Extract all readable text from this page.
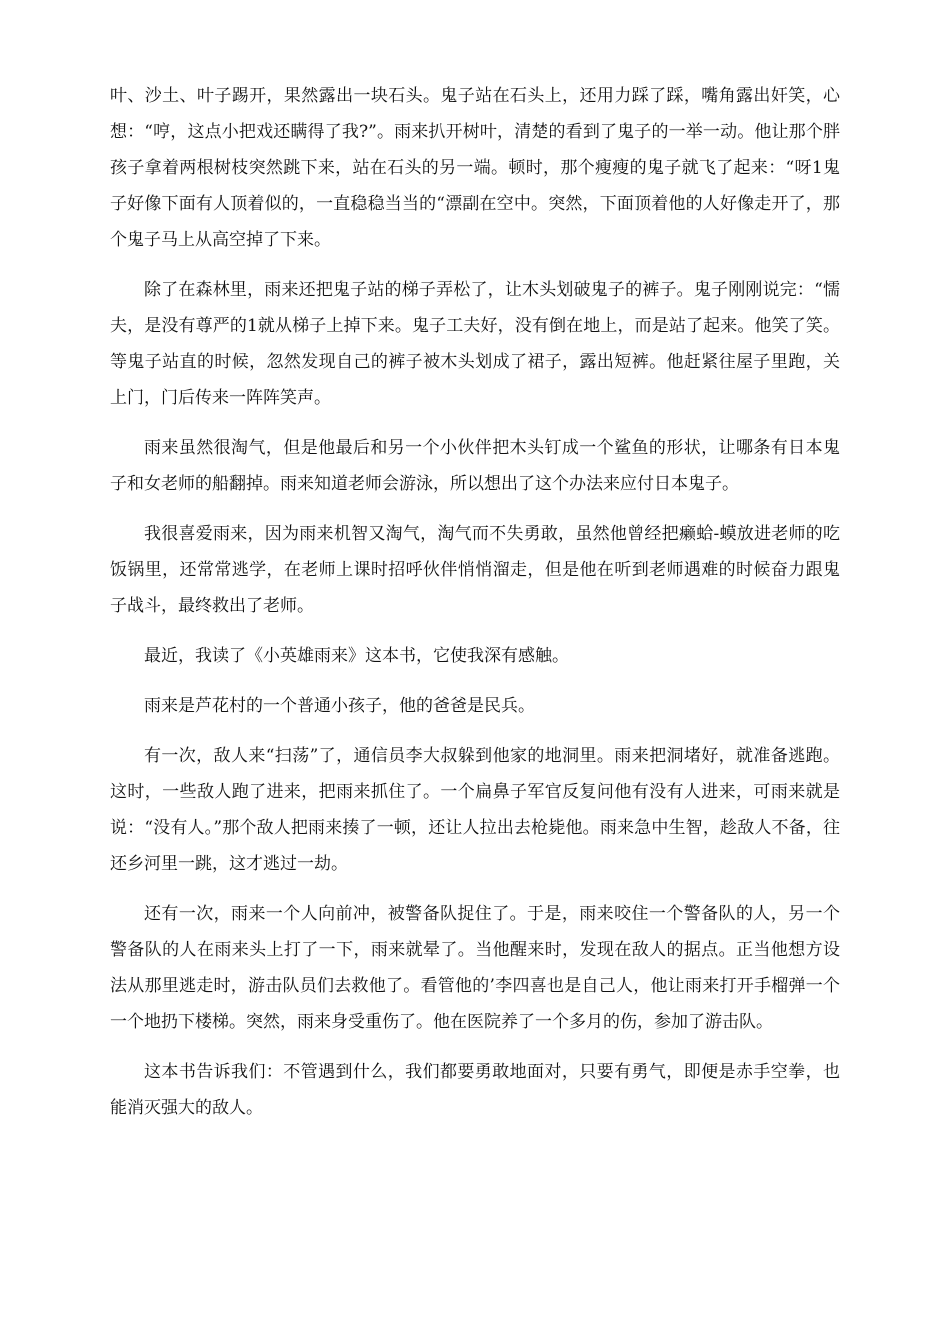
叶、沙土、叶子踢开，果然露出一块石头。鬼子站在石头上，还用力踩了踩，嘴角露出奸笑，心想：“哼，这点小把戏还瞒得了我?”。雨来扒开树叶，清楚的看到了鬼子的一举一动。他让那个胖孩子拿着两根树枝突然跳下来，站在石头的另一端。顿时，那个瘦瘦的鬼子就飞了起来：“呀1鬼子好像下面有人顶着似的，一直稳稳当当的“漂副在空中。突然，下面顶着他的人好像走开了，那个鬼子马上从高空掉了下来。

除了在森林里，雨来还把鬼子站的梯子弄松了，让木头划破鬼子的裤子。鬼子刚刚说完：“懦夫，是没有尊严的1就从梯子上掉下来。鬼子工夫好，没有倒在地上，而是站了起来。他笑了笑。等鬼子站直的时候，忽然发现自己的裤子被木头划成了裙子，露出短裤。他赶紧往屋子里跑，关上门，门后传来一阵阵笑声。

雨来虽然很淘气，但是他最后和另一个小伙伴把木头钉成一个鲨鱼的形状，让哪条有日本鬼子和女老师的船翻掉。雨来知道老师会游泳，所以想出了这个办法来应付日本鬼子。

我很喜爱雨来，因为雨来机智又淘气，淘气而不失勇敢，虽然他曾经把癞蛤-蟆放进老师的吃饭锅里，还常常逃学，在老师上课时招呼伙伴悄悄溜走，但是他在听到老师遇难的时候奋力跟鬼子战斗，最终救出了老师。

最近，我读了《小英雄雨来》这本书，它使我深有感触。

雨来是芦花村的一个普通小孩子，他的爸爸是民兵。

有一次，敌人来“扫荡”了，通信员李大叔躲到他家的地洞里。雨来把洞堵好，就准备逃跑。这时，一些敌人跑了进来，把雨来抓住了。一个扁鼻子军官反复问他有没有人进来，可雨来就是说：“没有人。”那个敌人把雨来揍了一顿，还让人拉出去枪毙他。雨来急中生智，趁敌人不备，往还乡河里一跳，这才逃过一劫。

还有一次，雨来一个人向前冲，被警备队捉住了。于是，雨来咬住一个警备队的人，另一个警备队的人在雨来头上打了一下，雨来就晕了。当他醒来时，发现在敌人的据点。正当他想方设法从那里逃走时，游击队员们去救他了。看管他的’李四喜也是自己人，他让雨来打开手榴弹一个一个地扔下楼梯。突然，雨来身受重伤了。他在医院养了一个多月的伤，参加了游击队。

这本书告诉我们：不管遇到什么，我们都要勇敢地面对，只要有勇气，即便是赤手空拳，也能消灭强大的敌人。
